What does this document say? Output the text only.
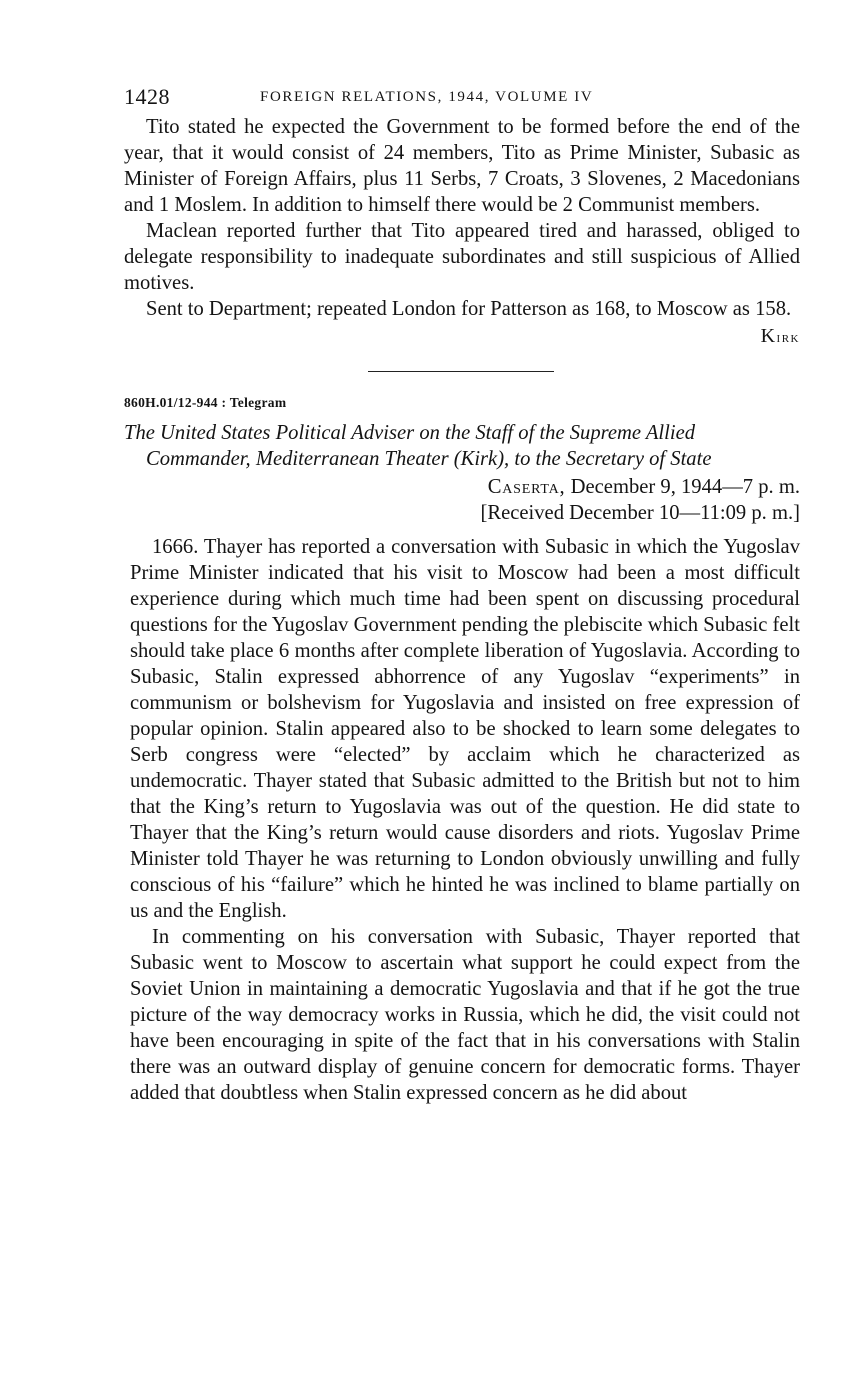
1428	FOREIGN RELATIONS, 1944, VOLUME IV

Tito stated he expected the Government to be formed before the end of the year, that it would consist of 24 members, Tito as Prime Minister, Subasic as Minister of Foreign Affairs, plus 11 Serbs, 7 Croats, 3 Slovenes, 2 Macedonians and 1 Moslem. In addition to himself there would be 2 Communist members.

Maclean reported further that Tito appeared tired and harassed, obliged to delegate responsibility to inadequate subordinates and still suspicious of Allied motives.

Sent to Department; repeated London for Patterson as 168, to Moscow as 158.

Kirk
860H.01/12-944 : Telegram
The United States Political Adviser on the Staff of the Supreme Allied Commander, Mediterranean Theater (Kirk), to the Secretary of State
Caserta, December 9, 1944—7 p. m.
[Received December 10—11:09 p. m.]

1666. Thayer has reported a conversation with Subasic in which the Yugoslav Prime Minister indicated that his visit to Moscow had been a most difficult experience during which much time had been spent on discussing procedural questions for the Yugoslav Government pending the plebiscite which Subasic felt should take place 6 months after complete liberation of Yugoslavia. According to Subasic, Stalin expressed abhorrence of any Yugoslav “experiments” in communism or bolshevism for Yugoslavia and insisted on free expression of popular opinion. Stalin appeared also to be shocked to learn some delegates to Serb congress were “elected” by acclaim which he characterized as undemocratic. Thayer stated that Subasic admitted to the British but not to him that the King’s return to Yugoslavia was out of the question. He did state to Thayer that the King’s return would cause disorders and riots. Yugoslav Prime Minister told Thayer he was returning to London obviously unwilling and fully conscious of his “failure” which he hinted he was inclined to blame partially on us and the English.

In commenting on his conversation with Subasic, Thayer reported that Subasic went to Moscow to ascertain what support he could expect from the Soviet Union in maintaining a democratic Yugoslavia and that if he got the true picture of the way democracy works in Russia, which he did, the visit could not have been encouraging in spite of the fact that in his conversations with Stalin there was an outward display of genuine concern for democratic forms. Thayer added that doubtless when Stalin expressed concern as he did about
